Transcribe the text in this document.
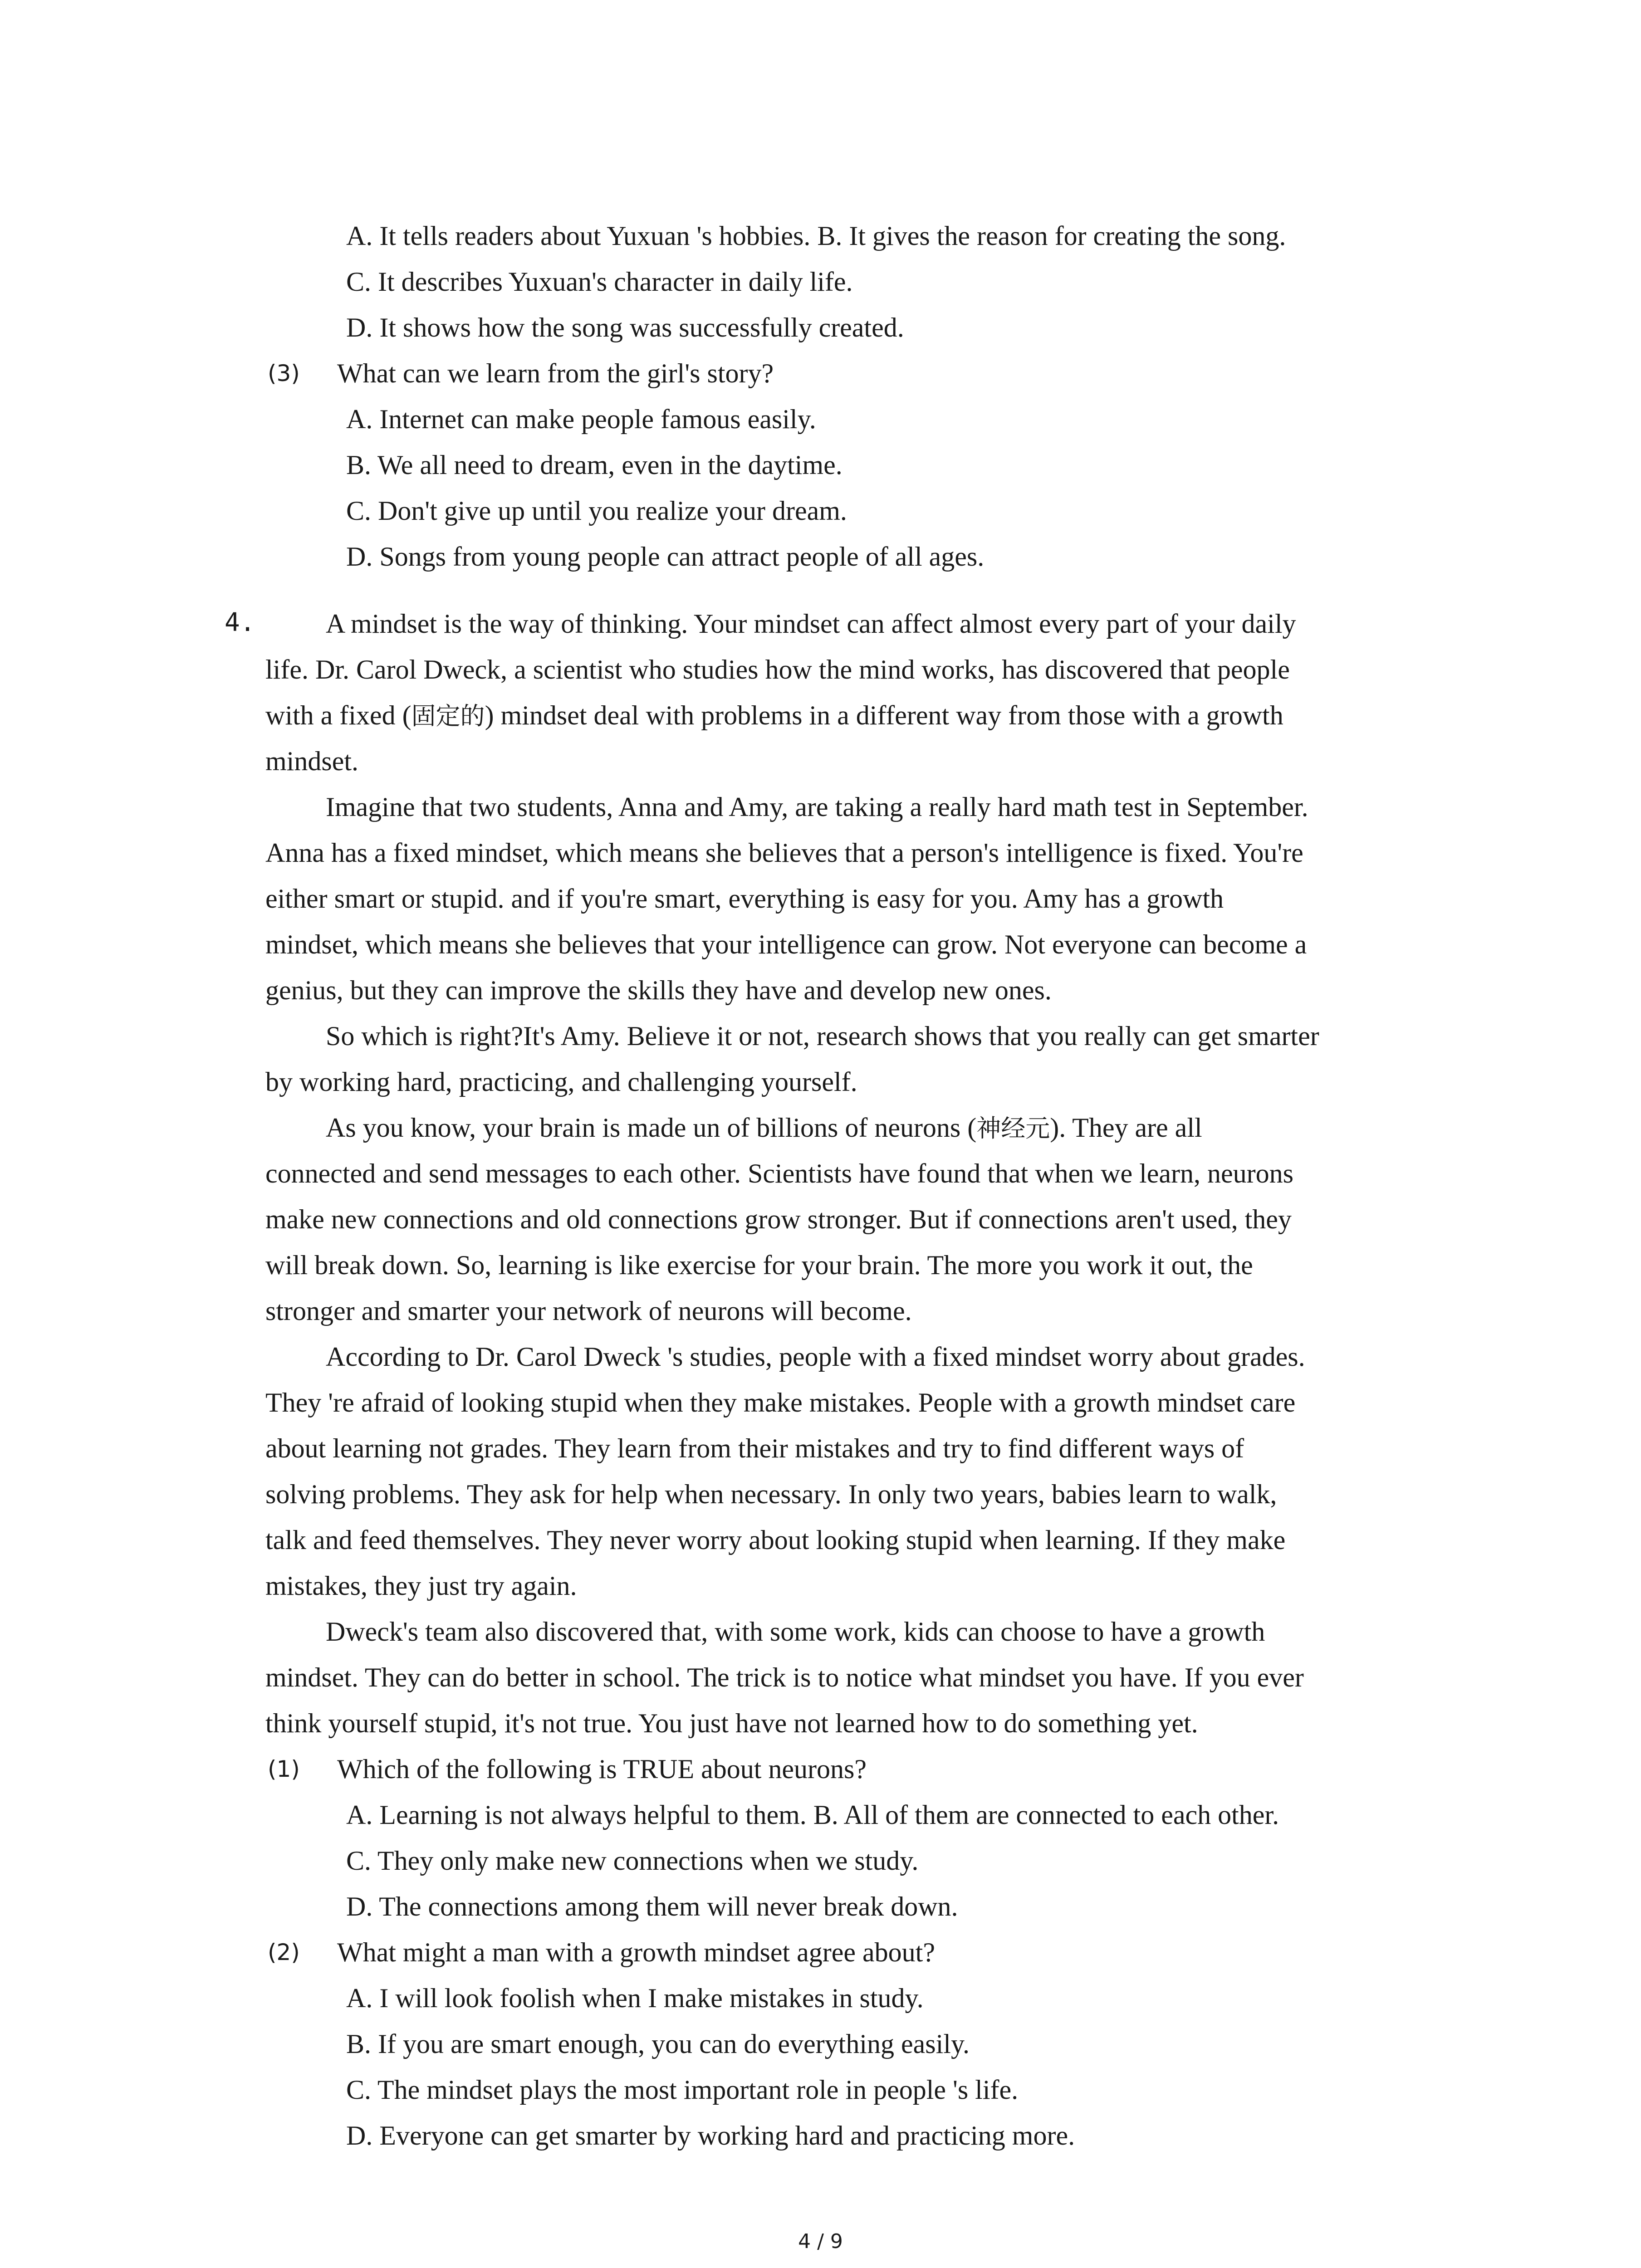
A. It tells readers about Yuxuan 's hobbies. B. It gives the reason for creating the song.
C. It describes Yuxuan's character in daily life.
D. It shows how the song was successfully created.
(3) What can we learn from the girl's story?
A. Internet can make people famous easily.
B. We all need to dream, even in the daytime.
C. Don't give up until you realize your dream.
D. Songs from young people can attract people of all ages.
4.	A mindset is the way of thinking. Your mindset can affect almost every part of your daily
life. Dr. Carol Dweck, a scientist who studies how the mind works, has discovered that people
with a fixed (固定的) mindset deal with problems in a different way from those with a growth
mindset.
Imagine that two students, Anna and Amy, are taking a really hard math test in September.
Anna has a fixed mindset, which means she believes that a person's intelligence is fixed. You're
either smart or stupid. and if you're smart, everything is easy for you. Amy has a growth
mindset, which means she believes that your intelligence can grow. Not everyone can become a
genius, but they can improve the skills they have and develop new ones.
So which is right?It's Amy. Believe it or not, research shows that you really can get smarter
by working hard, practicing, and challenging yourself.
As you know, your brain is made un of billions of neurons (神经元). They are all
connected and send messages to each other. Scientists have found that when we learn, neurons
make new connections and old connections grow stronger. But if connections aren't used, they
will break down. So, learning is like exercise for your brain. The more you work it out, the
stronger and smarter your network of neurons will become.
According to Dr. Carol Dweck 's studies, people with a fixed mindset worry about grades.
They 're afraid of looking stupid when they make mistakes. People with a growth mindset care
about learning not grades. They learn from their mistakes and try to find different ways of
solving problems. They ask for help when necessary. In only two years, babies learn to walk,
talk and feed themselves. They never worry about looking stupid when learning. If they make
mistakes, they just try again.
Dweck's team also discovered that, with some work, kids can choose to have a growth
mindset. They can do better in school. The trick is to notice what mindset you have. If you ever
think yourself stupid, it's not true. You just have not learned how to do something yet.
(1) Which of the following is TRUE about neurons?
A. Learning is not always helpful to them. B. All of them are connected to each other.
C. They only make new connections when we study.
D. The connections among them will never break down.
(2) What might a man with a growth mindset agree about?
A. I will look foolish when I make mistakes in study.
B. If you are smart enough, you can do everything easily.
C. The mindset plays the most important role in people 's life.
D. Everyone can get smarter by working hard and practicing more.
4 / 9
